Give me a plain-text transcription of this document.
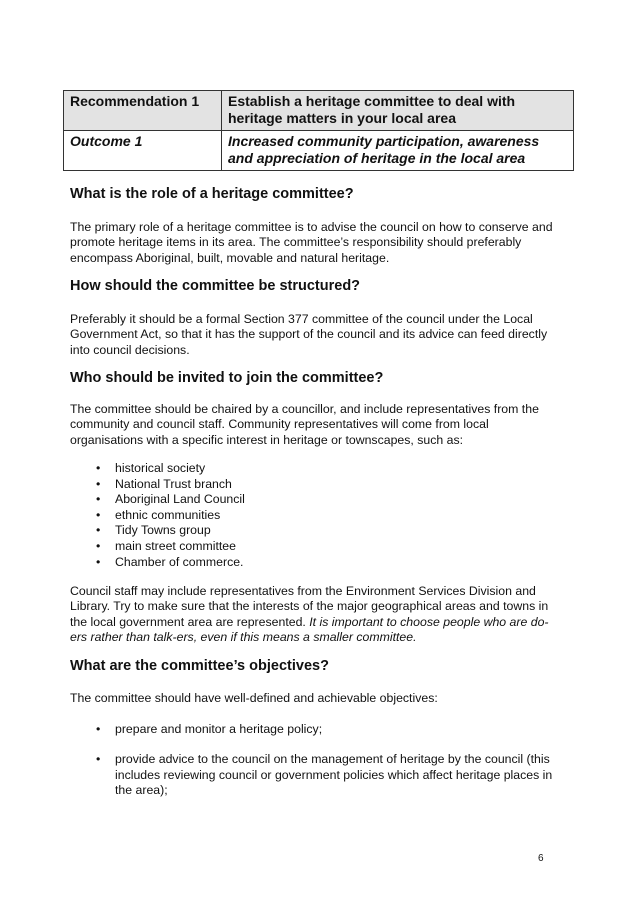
Recommendation 1	Establish a heritage committee to deal with heritage matters in your local area
Outcome 1	Increased community participation, awareness and appreciation of heritage in the local area
What is the role of a heritage committee?

The primary role of a heritage committee is to advise the council on how to conserve and promote heritage items in its area. The committee’s responsibility should preferably encompass Aboriginal, built, movable and natural heritage.

How should the committee be structured?

Preferably it should be a formal Section 377 committee of the council under the Local Government Act, so that it has the support of the council and its advice can feed directly into council decisions.

Who should be invited to join the committee?

The committee should be chaired by a councillor, and include representatives from the community and council staff. Community representatives will come from local organisations with a specific interest in heritage or townscapes, such as:

• historical society
• National Trust branch
• Aboriginal Land Council
• ethnic communities
• Tidy Towns group
• main street committee
• Chamber of commerce.

Council staff may include representatives from the Environment Services Division and Library. Try to make sure that the interests of the major geographical areas and towns in the local government area are represented. It is important to choose people who are do-ers rather than talk-ers, even if this means a smaller committee.

What are the committee’s objectives?

The committee should have well-defined and achievable objectives:

• prepare and monitor a heritage policy;
• provide advice to the council on the management of heritage by the council (this includes reviewing council or government policies which affect heritage places in the area);
6
